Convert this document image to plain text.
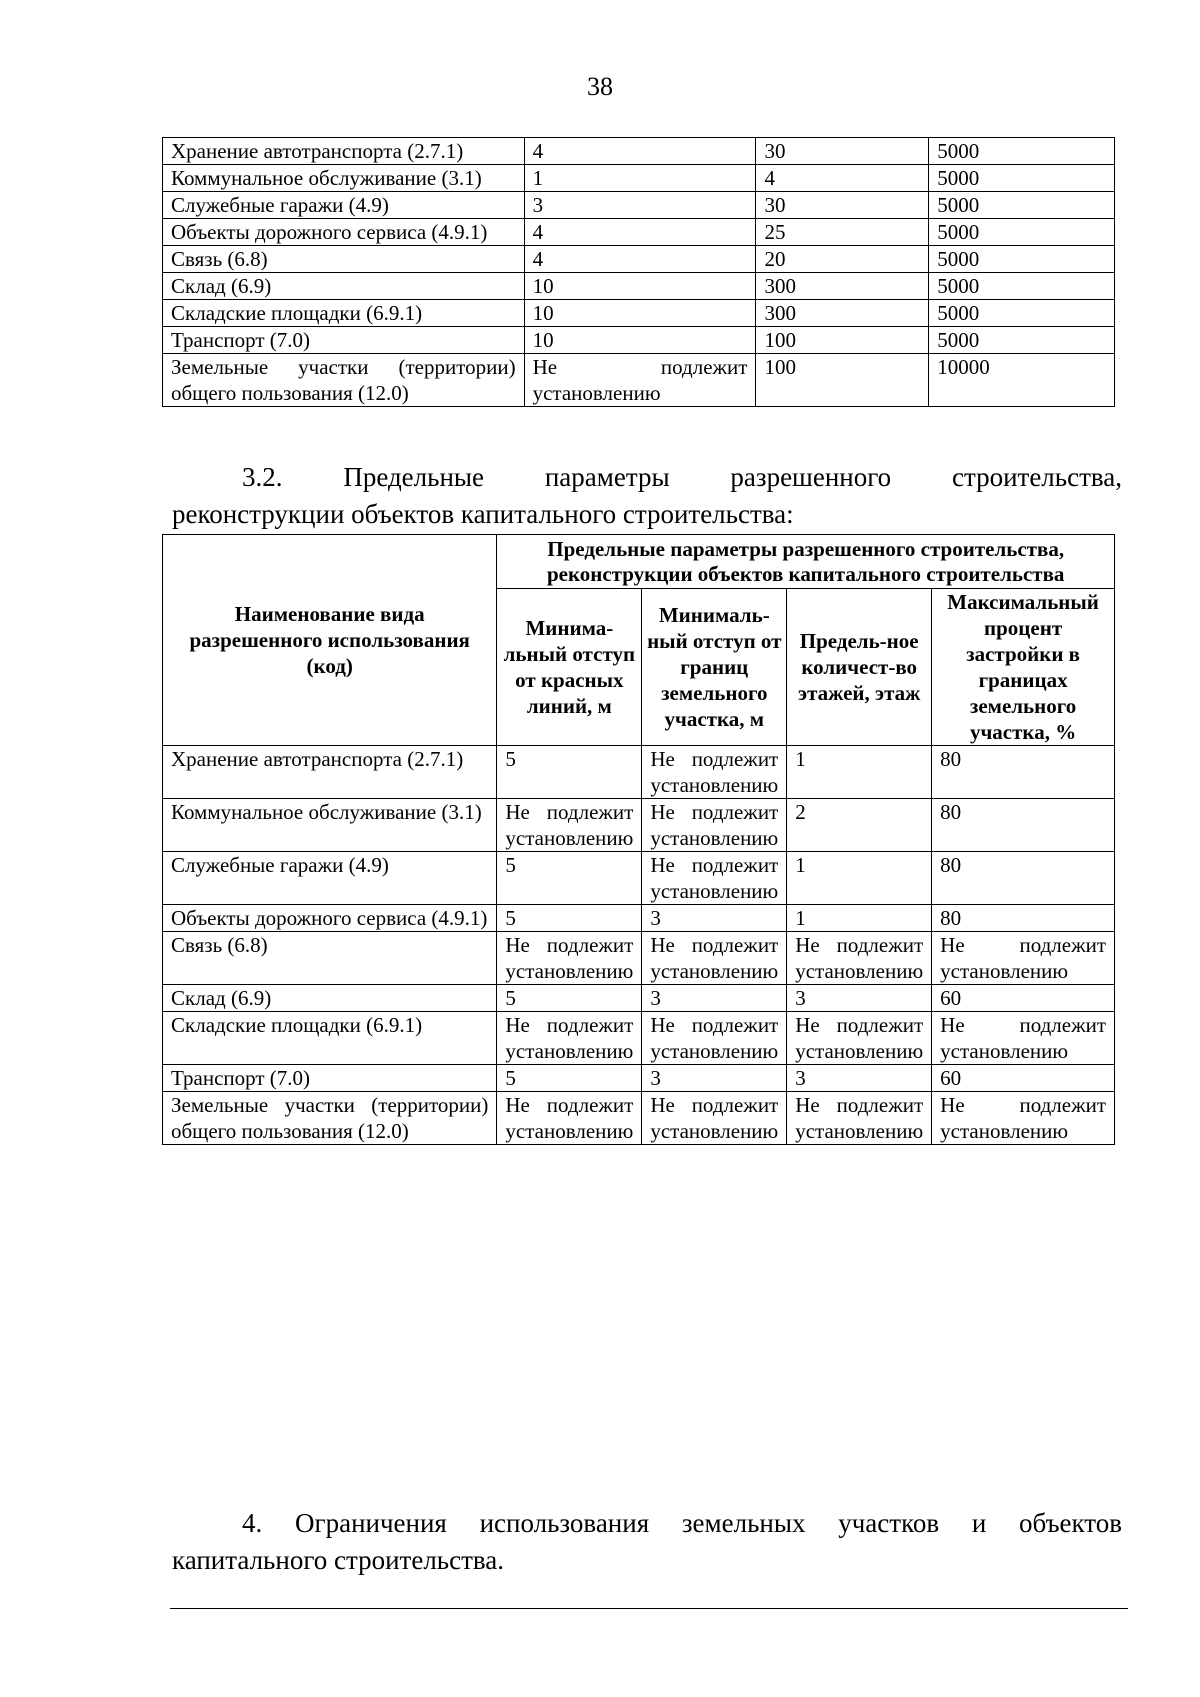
38
Хранение автотранспорта (2.7.1)	4	30	5000
Коммунальное обслуживание (3.1)	1	4	5000
Служебные гаражи (4.9)	3	30	5000
Объекты дорожного сервиса (4.9.1)	4	25	5000
Связь (6.8)	4	20	5000
Склад (6.9)	10	300	5000
Складские площадки (6.9.1)	10	300	5000
Транспорт (7.0)	10	100	5000
Земельные участки (территории) общего пользования (12.0)	Не подлежит установлению	100	10000
3.2. Предельные параметры разрешенного строительства,
реконструкции объектов капитального строительства:
Наименование вида разрешенного использования (код)	Предельные параметры разрешенного строительства, реконструкции объектов капитального строительства			
	Минима-льный отступ от красных линий, м	Минималь-ный отступ от границ земельного участка, м	Предель-ное количест-во этажей, этаж	Максимальный процент застройки в границах земельного участка, %
Хранение автотранспорта (2.7.1)	5	Не подлежит установлению	1	80
Коммунальное обслуживание (3.1)	Не подлежит установлению	Не подлежит установлению	2	80
Служебные гаражи (4.9)	5	Не подлежит установлению	1	80
Объекты дорожного сервиса (4.9.1)	5	3	1	80
Связь (6.8)	Не подлежит установлению	Не подлежит установлению	Не подлежит установлению	Не подлежит установлению
Склад (6.9)	5	3	3	60
Складские площадки (6.9.1)	Не подлежит установлению	Не подлежит установлению	Не подлежит установлению	Не подлежит установлению
Транспорт (7.0)	5	3	3	60
Земельные участки (территории) общего пользования (12.0)	Не подлежит установлению	Не подлежит установлению	Не подлежит установлению	Не подлежит установлению
4. Ограничения использования земельных участков и объектов
капитального строительства.
